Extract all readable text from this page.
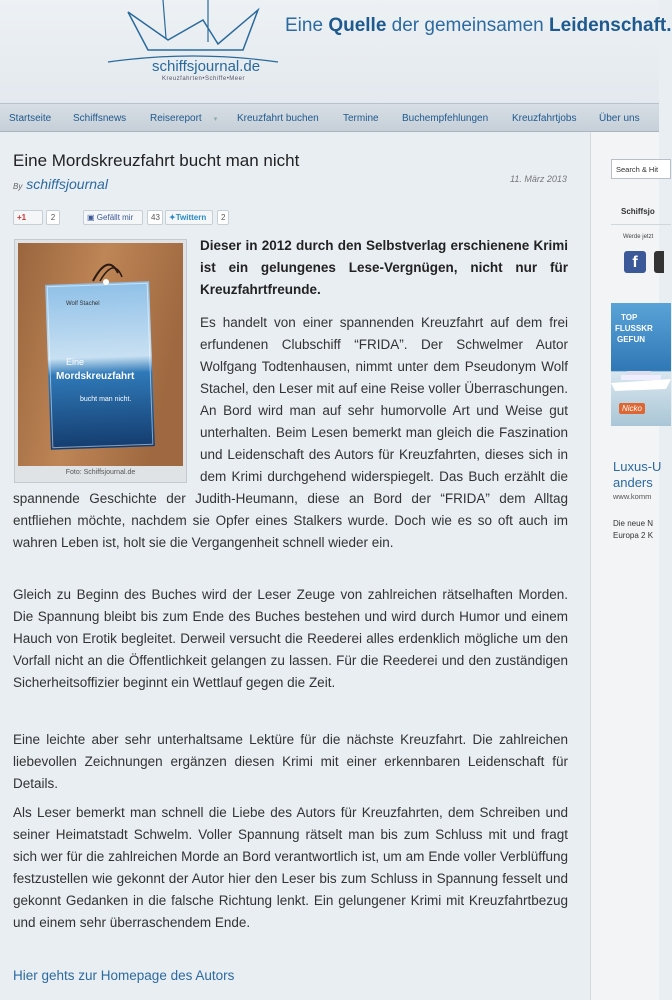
schiffsjournal.de
Kreuzfahrten•Schiffe•Meer
Eine Quelle der gemeinsamen Leidenschaft.
Startseite Schiffsnews Reisereport ▾ Kreuzfahrt buchen Termine Buchempfehlungen Kreuzfahrtjobs Über uns
Eine Mordskreuzfahrt bucht man nicht
By schiffsjournal	11. März 2013
+1	2	▣ Gefällt mir	43	✦Twittern	2
Wolf Stachel
Eine
Mordskreuzfahrt
bucht man nicht.
Foto: Schiffsjournal.de

Dieser in 2012 durch den Selbstverlag erschienene Krimi ist ein gelungenes Lese-Vergnügen, nicht nur für Kreuzfahrtfreunde.

Es handelt von einer spannenden Kreuzfahrt auf dem frei erfundenen Clubschiff “FRIDA”. Der Schwelmer Autor Wolfgang Todtenhausen, nimmt unter dem Pseudonym Wolf Stachel, den Leser mit auf eine Reise voller Überraschungen. An Bord wird man auf sehr humorvolle Art und Weise gut unterhalten. Beim Lesen bemerkt man gleich die Faszination und Leidenschaft des Autors für Kreuzfahrten, dieses sich in dem Krimi durchgehend widerspiegelt. Das Buch erzählt die spannende Geschichte der Judith-Heumann, diese an Bord der “FRIDA” dem Alltag entfliehen möchte, nachdem sie Opfer eines Stalkers wurde. Doch wie es so oft auch im wahren Leben ist, holt sie die Vergangenheit schnell wieder ein.

Gleich zu Beginn des Buches wird der Leser Zeuge von zahlreichen rätselhaften Morden. Die Spannung bleibt bis zum Ende des Buches bestehen und wird durch Humor und einem Hauch von Erotik begleitet. Derweil versucht die Reederei alles erdenklich mögliche um den Vorfall nicht an die Öffentlichkeit gelangen zu lassen. Für die Reederei und den zuständigen Sicherheitsoffizier beginnt ein Wettlauf gegen die Zeit.

Eine leichte aber sehr unterhaltsame Lektüre für die nächste Kreuzfahrt. Die zahlreichen liebevollen Zeichnungen ergänzen diesen Krimi mit einer erkennbaren Leidenschaft für Details.

Als Leser bemerkt man schnell die Liebe des Autors für Kreuzfahrten, dem Schreiben und seiner Heimatstadt Schwelm. Voller Spannung rätselt man bis zum Schluss mit und fragt sich wer für die zahlreichen Morde an Bord verantwortlich ist, um am Ende voller Verblüffung festzustellen wie gekonnt der Autor hier den Leser bis zum Schluss in Spannung fesselt und gekonnt Gedanken in die falsche Richtung lenkt. Ein gelungener Krimi mit Kreuzfahrtbezug und einem sehr überraschendem Ende.

Hier gehts zur Homepage des Autors
Search & Hit
Schiffsjo
Werde jetzt
f
TOP
FLUSSKR
GEFUN
Nicko
Luxus-U
anders
www.komm
Die neue N
Europa 2 K
